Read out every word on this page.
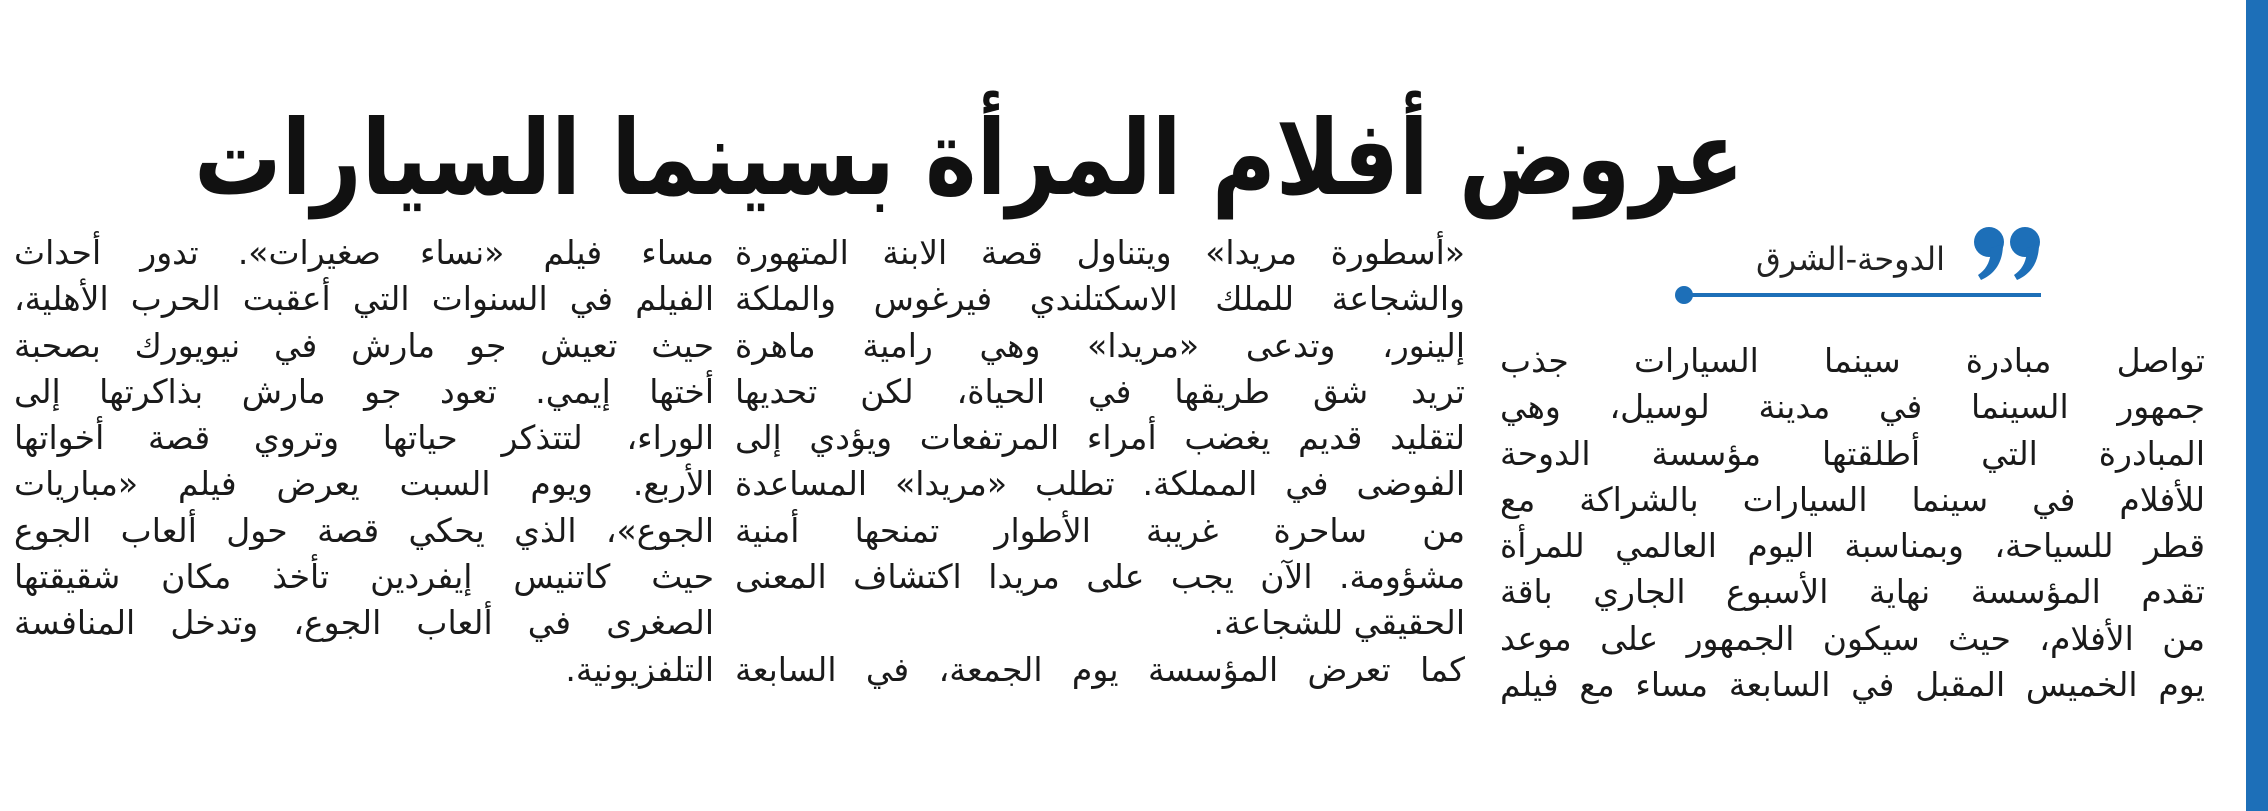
عروض أفلام المرأة بسينما السيارات
الدوحة-الشرق

تواصل مبادرة سينما السيارات جذب

جمهور السينما في مدينة لوسيل، وهي

المبادرة التي أطلقتها مؤسسة الدوحة

للأفلام في سينما السيارات بالشراكة مع

قطر للسياحة، وبمناسبة اليوم العالمي للمرأة

تقدم المؤسسة نهاية الأسبوع الجاري باقة

من الأفلام، حيث سيكون الجمهور على موعد

يوم الخميس المقبل في السابعة مساء مع فيلم

«أسطورة مريدا» ويتناول قصة الابنة المتهورة

والشجاعة للملك الاسكتلندي فيرغوس والملكة

إلينور، وتدعى «مريدا» وهي رامية ماهرة

تريد شق طريقها في الحياة، لكن تحديها

لتقليد قديم يغضب أمراء المرتفعات ويؤدي إلى

الفوضى في المملكة. تطلب «مريدا» المساعدة

من ساحرة غريبة الأطوار تمنحها أمنية

مشؤومة. الآن يجب على مريدا اكتشاف المعنى

الحقيقي للشجاعة.

كما تعرض المؤسسة يوم الجمعة، في السابعة

مساء فيلم «نساء صغيرات». تدور أحداث

الفيلم في السنوات التي أعقبت الحرب الأهلية،

حيث تعيش جو مارش في نيويورك بصحبة

أختها إيمي. تعود جو مارش بذاكرتها إلى

الوراء، لتتذكر حياتها وتروي قصة أخواتها

الأربع. ويوم السبت يعرض فيلم «مباريات

الجوع»، الذي يحكي قصة حول ألعاب الجوع

حيث كاتنيس إيفردين تأخذ مكان شقيقتها

الصغرى في ألعاب الجوع، وتدخل المنافسة

التلفزيونية.
